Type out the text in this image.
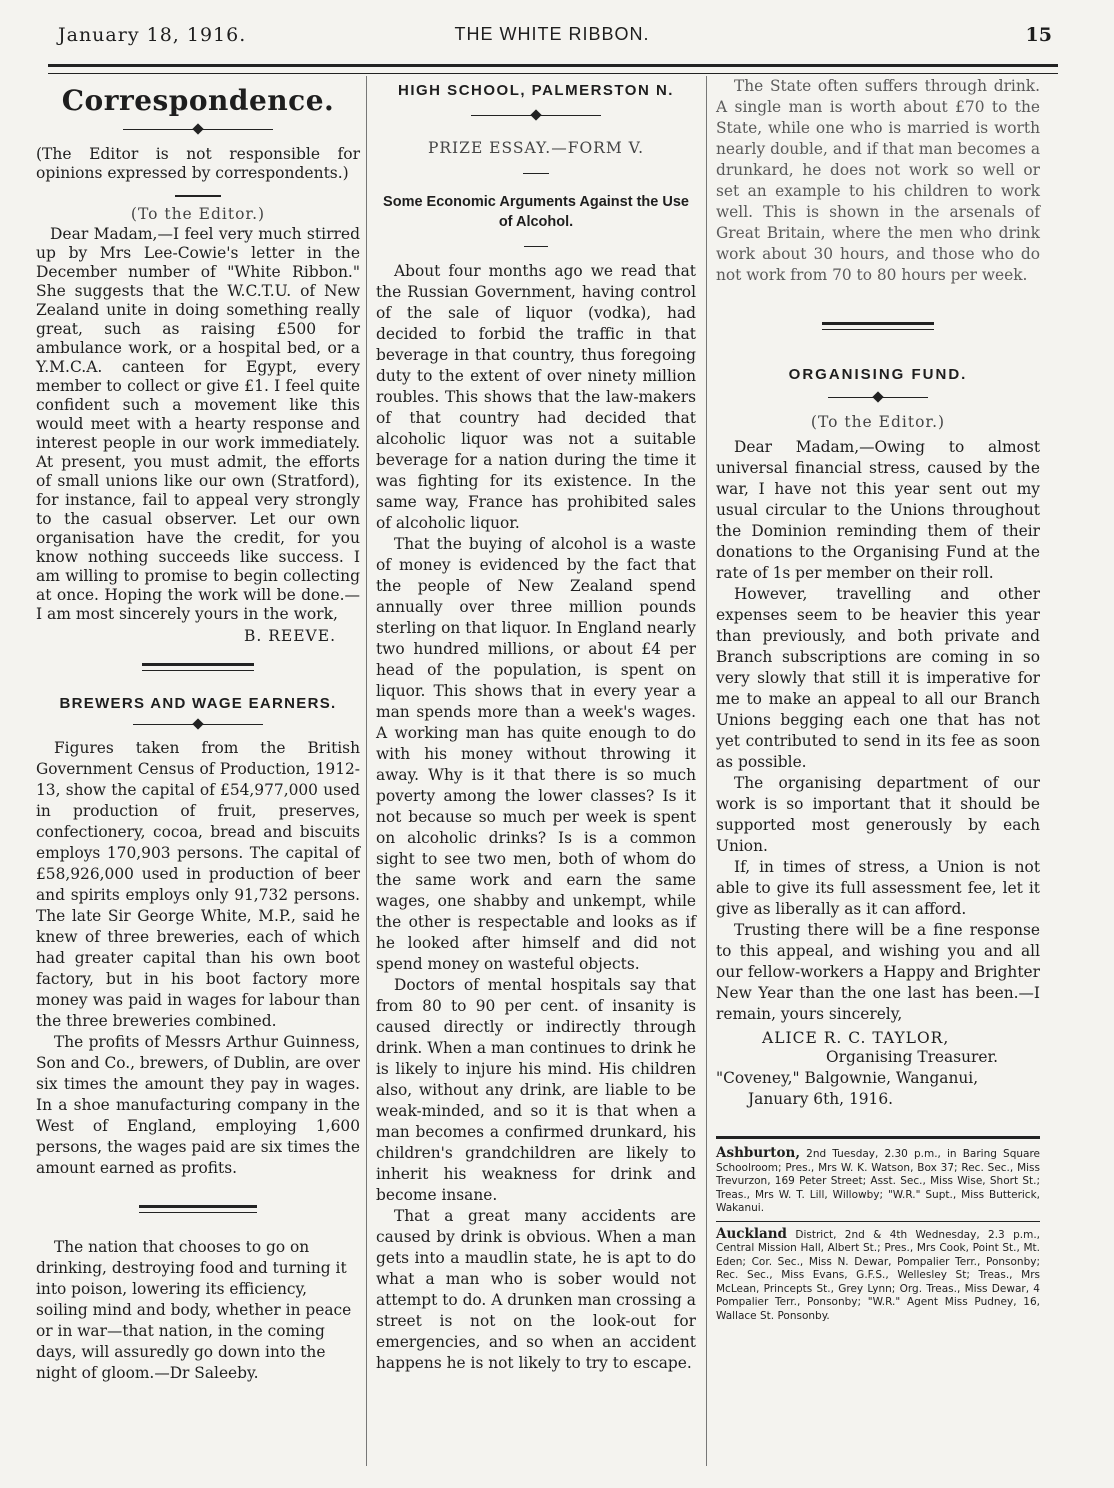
January 18, 1916.	THE WHITE RIBBON.	15
Correspondence.

(The Editor is not responsible for opinions expressed by correspondents.)

(To the Editor.)

Dear Madam,—I feel very much stirred up by Mrs Lee-Cowie's letter in the December number of "White Ribbon." She suggests that the W.C.T.U. of New Zealand unite in doing something really great, such as raising £500 for ambulance work, or a hospital bed, or a Y.M.C.A. canteen for Egypt, every member to collect or give £1. I feel quite confident such a movement like this would meet with a hearty response and interest people in our work immediately. At present, you must admit, the efforts of small unions like our own (Stratford), for instance, fail to appeal very strongly to the casual observer. Let our own organisation have the credit, for you know nothing succeeds like success. I am willing to promise to begin collecting at once. Hoping the work will be done.—I am most sincerely yours in the work,

B. REEVE.

BREWERS AND WAGE EARNERS.

Figures taken from the British Government Census of Production, 1912-13, show the capital of £54,977,000 used in production of fruit, preserves, confectionery, cocoa, bread and biscuits employs 170,903 persons. The capital of £58,926,000 used in production of beer and spirits employs only 91,732 persons. The late Sir George White, M.P., said he knew of three breweries, each of which had greater capital than his own boot factory, but in his boot factory more money was paid in wages for labour than the three breweries combined.

The profits of Messrs Arthur Guinness, Son and Co., brewers, of Dublin, are over six times the amount they pay in wages. In a shoe manufacturing company in the West of England, employing 1,600 persons, the wages paid are six times the amount earned as profits.

The nation that chooses to go on drinking, destroying food and turning it into poison, lowering its efficiency, soiling mind and body, whether in peace or in war—that nation, in the coming days, will assuredly go down into the night of gloom.—Dr Saleeby.

HIGH SCHOOL, PALMERSTON N.

PRIZE ESSAY.—FORM V.

Some Economic Arguments Against the Use of Alcohol.

About four months ago we read that the Russian Government, having control of the sale of liquor (vodka), had decided to forbid the traffic in that beverage in that country, thus foregoing duty to the extent of over ninety million roubles. This shows that the law-makers of that country had decided that alcoholic liquor was not a suitable beverage for a nation during the time it was fighting for its existence. In the same way, France has prohibited sales of alcoholic liquor.

That the buying of alcohol is a waste of money is evidenced by the fact that the people of New Zealand spend annually over three million pounds sterling on that liquor. In England nearly two hundred millions, or about £4 per head of the population, is spent on liquor. This shows that in every year a man spends more than a week's wages. A working man has quite enough to do with his money without throwing it away. Why is it that there is so much poverty among the lower classes? Is it not because so much per week is spent on alcoholic drinks? Is is a common sight to see two men, both of whom do the same work and earn the same wages, one shabby and unkempt, while the other is respectable and looks as if he looked after himself and did not spend money on wasteful objects.

Doctors of mental hospitals say that from 80 to 90 per cent. of insanity is caused directly or indirectly through drink. When a man continues to drink he is likely to injure his mind. His children also, without any drink, are liable to be weak-minded, and so it is that when a man becomes a confirmed drunkard, his children's grandchildren are likely to inherit his weakness for drink and become insane.

That a great many accidents are caused by drink is obvious. When a man gets into a maudlin state, he is apt to do what a man who is sober would not attempt to do. A drunken man crossing a street is not on the look-out for emergencies, and so when an accident happens he is not likely to try to escape.

The State often suffers through drink. A single man is worth about £70 to the State, while one who is married is worth nearly double, and if that man becomes a drunkard, he does not work so well or set an example to his children to work well. This is shown in the arsenals of Great Britain, where the men who drink work about 30 hours, and those who do not work from 70 to 80 hours per week.

ORGANISING FUND.

(To the Editor.)

Dear Madam,—Owing to almost universal financial stress, caused by the war, I have not this year sent out my usual circular to the Unions throughout the Dominion reminding them of their donations to the Organising Fund at the rate of 1s per member on their roll.

However, travelling and other expenses seem to be heavier this year than previously, and both private and Branch subscriptions are coming in so very slowly that still it is imperative for me to make an appeal to all our Branch Unions begging each one that has not yet contributed to send in its fee as soon as possible.

The organising department of our work is so important that it should be supported most generously by each Union.

If, in times of stress, a Union is not able to give its full assessment fee, let it give as liberally as it can afford.

Trusting there will be a fine response to this appeal, and wishing you and all our fellow-workers a Happy and Brighter New Year than the one last has been.—I remain, yours sincerely,

ALICE R. C. TAYLOR,

Organising Treasurer.

"Coveney," Balgownie, Wanganui,

January 6th, 1916.

Ashburton, 2nd Tuesday, 2.30 p.m., in Baring Square Schoolroom; Pres., Mrs W. K. Watson, Box 37; Rec. Sec., Miss Trevurzon, 169 Peter Street; Asst. Sec., Miss Wise, Short St.; Treas., Mrs W. T. Lill, Willowby; "W.R." Supt., Miss Butterick, Wakanui.

Auckland District, 2nd & 4th Wednesday, 2.3 p.m., Central Mission Hall, Albert St.; Pres., Mrs Cook, Point St., Mt. Eden; Cor. Sec., Miss N. Dewar, Pompalier Terr., Ponsonby; Rec. Sec., Miss Evans, G.F.S., Wellesley St; Treas., Mrs McLean, Princepts St., Grey Lynn; Org. Treas., Miss Dewar, 4 Pompalier Terr., Ponsonby; "W.R." Agent Miss Pudney, 16, Wallace St. Ponsonby.
